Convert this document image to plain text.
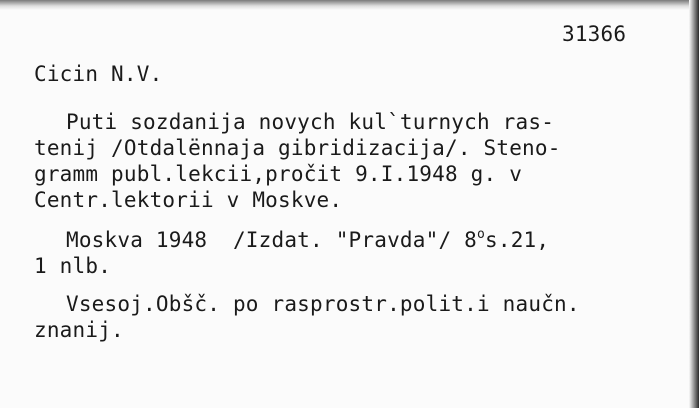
31366
Cicin N.V.
Puti sozdanija novych kul`turnych ras-
tenij /Otdalënnaja gibridizacija/. Steno-
gramm publ.lekcii,pročit 9.I.1948 g. v
Centr.lektorii v Moskve.
Moskva 1948  /Izdat. "Pravda"/ 8$^o$s.21,
1 nlb.
Vsesoj.Obšč. po rasprostr.polit.i naučn.
znanij.
